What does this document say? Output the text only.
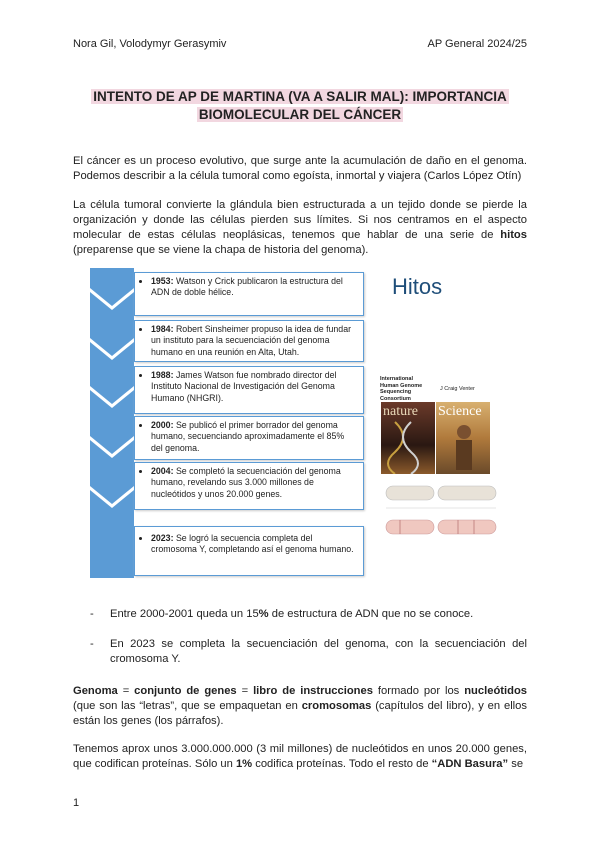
Nora Gil, Volodymyr Gerasymiv	AP General 2024/25
INTENTO DE AP DE MARTINA (VA A SALIR MAL): IMPORTANCIA
BIOMOLECULAR DEL CÁNCER
El cáncer es un proceso evolutivo, que surge ante la acumulación de daño en el genoma. Podemos describir a la célula tumoral como egoísta, inmortal y viajera (Carlos López Otín)
La célula tumoral convierte la glándula bien estructurada a un tejido donde se pierde la organización y donde las células pierden sus límites. Si nos centramos en el aspecto molecular de estas células neoplásicas, tenemos que hablar de una serie de hitos (preparense que se viene la chapa de historia del genoma).
• 1953: Watson y Crick publicaron la estructura del ADN de doble hélice.
• 1984: Robert Sinsheimer propuso la idea de fundar un instituto para la secuenciación del genoma humano en una reunión en Alta, Utah.
• 1988: James Watson fue nombrado director del Instituto Nacional de Investigación del Genoma Humano (NHGRI).
• 2000: Se publicó el primer borrador del genoma humano, secuenciando aproximadamente el 85% del genoma.
• 2004: Se completó la secuenciación del genoma humano, revelando sus 3.000 millones de nucleótidos y unos 20.000 genes.
• 2023: Se logró la secuencia completa del cromosoma Y, completando así el genoma humano.
Hitos
International Human Genome Sequencing Consortium
J Craig Venter
nature Science
- Entre 2000-2001 queda un 15% de estructura de ADN que no se conoce.
- En 2023 se completa la secuenciación del genoma, con la secuenciación del cromosoma Y.
Genoma = conjunto de genes = libro de instrucciones formado por los nucleótidos (que son las “letras”, que se empaquetan en cromosomas (capítulos del libro), y en ellos están los genes (los párrafos).
Tenemos aprox unos 3.000.000.000 (3 mil millones) de nucleótidos en unos 20.000 genes, que codifican proteínas. Sólo un 1% codifica proteínas. Todo el resto de “ADN Basura” se
1
